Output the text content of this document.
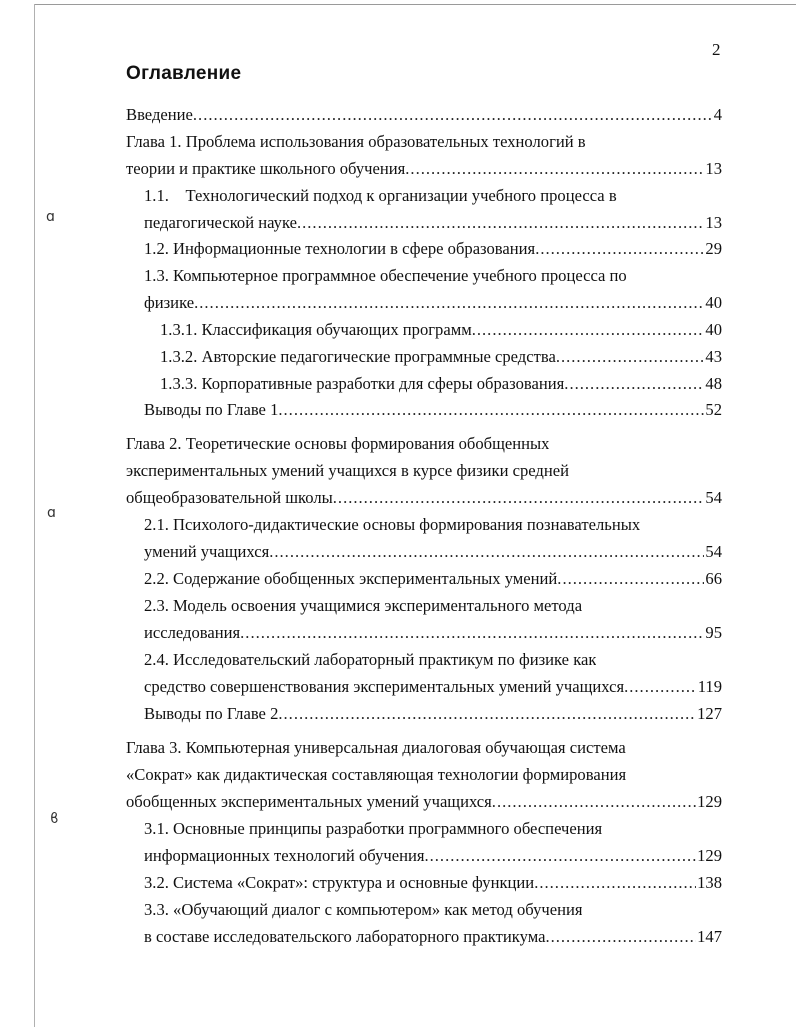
2
Оглавление
ɑ
ɑ
ϐ
Введение .....	4
Глава 1. Проблема использования образовательных технологий в
теории и практике школьного обучения .....	13
1.1.    Технологический подход к организации учебного процесса в
педагогической науке .....	13
1.2. Информационные технологии в сфере образования .....	29
1.3. Компьютерное программное обеспечение учебного процесса по
физике .....	40
1.3.1. Классификация обучающих программ .....	40
1.3.2. Авторские педагогические программные средства .....	43
1.3.3. Корпоративные разработки для сферы образования .....	48
Выводы по Главе 1 .....	52
Глава 2. Теоретические основы формирования обобщенных
экспериментальных умений учащихся в курсе физики средней
общеобразовательной школы .....	54
2.1. Психолого-дидактические основы формирования познавательных
умений учащихся .....	54
2.2. Содержание обобщенных экспериментальных умений .....	66
2.3. Модель освоения учащимися экспериментального метода
исследования .....	95
2.4. Исследовательский лабораторный практикум по физике как
средство совершенствования экспериментальных умений учащихся .....	119
Выводы по Главе 2 .....	127
Глава 3. Компьютерная универсальная диалоговая обучающая система
«Сократ» как дидактическая составляющая технологии формирования
обобщенных экспериментальных умений учащихся .....	129
3.1. Основные принципы разработки программного обеспечения
информационных технологий обучения .....	129
3.2. Система «Сократ»: структура и основные функции .....	138
3.3. «Обучающий диалог с компьютером» как метод обучения
в составе исследовательского лабораторного практикума .....	147
